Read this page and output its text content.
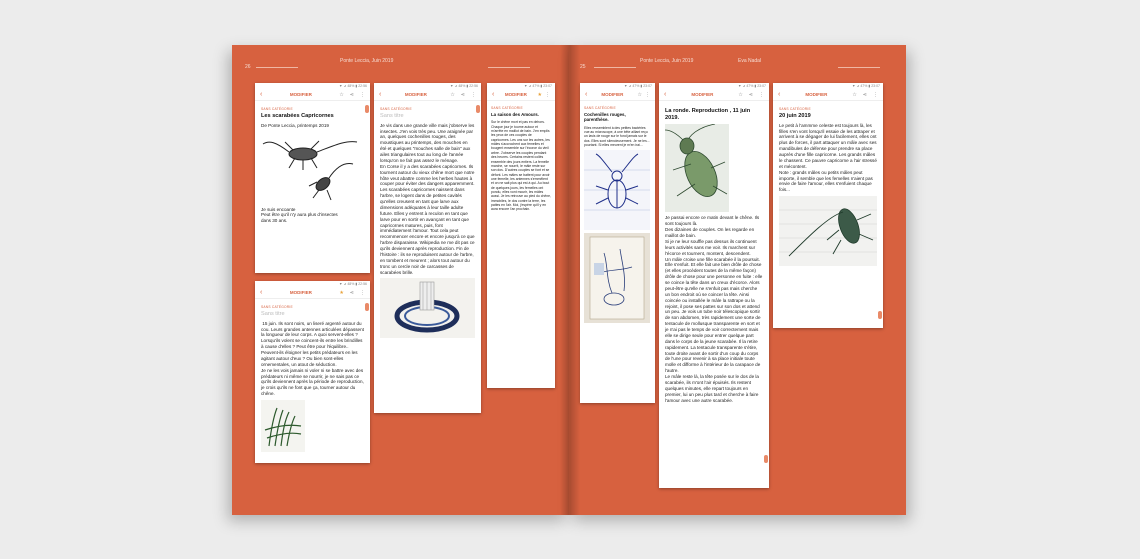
26
Ponte Leccia, Juin 2019
25
Ponte Leccia, Juin 2019	Eva Nadal
▼ ⊿ 48% ▮ 22:56
‹	MODIFIER	☆ ⋖ ⋮
SANS CATÉGORIE
Les scarabées Capricornes
De Ponte Leccia, printemps 2019
Je suis encoante
Peut être qu'il n'y aura plus d'insectes
dans 30 ans.
▼ ⊿ 48% ▮ 22:56
‹	MODIFIER	★ ⋖ ⋮
SANS CATÉGORIE
Sans titre
15 juin. Ils sont noirs, un liseré argenté autour du cou. Leurs grandes antennes articulées dépassent la longueur de leur corps. A quoi servent-elles ? Lorsqu'ils volent se coincent-ils entre les brindilles à cause d'elles ? Peut être pour l'équilibre.. Peuvent-ils éloigner les petits prédateurs en les agitant autour d'eux ? Ou bien sont-elles ornementales, un atout de séduction.
Je ne les vois jamais ni voler ni se battre avec des prédateurs ni même se nourrir, je ne sais pas ce qu'ils deviennent après la période de reproduction, je crois qu'ils ne font que ça, tourner autour du chêne.
▼ ⊿ 48% ▮ 22:56
‹	MODIFIER	☆ ⋖ ⋮
SANS CATÉGORIE
Sans titre
Je vis dans une grande ville mais j'observe les insectes. J'en vois très peu. Une araignée par an, quelques cochenilles rouges, des moustiques au printemps, des mouches en été et quelques "mouches salle de bain" aux ailes triangulaires tout au long de l'année lorsqu'on ne fait pas assez le ménage.
En Corse il y a des scarabées capricornes. Ils tournent autour du vieux chêne mort que notre hôte veut abattre comme les herbes hautes à couper pour éviter des dangers apparemment.
Les scarabées capricornes naissent dans l'arbre, se logent dans de petites cavités qu'elles creusent en tant que larve aux dimensions adéquates à leur taille adulte future. Elles y entrent à reculon en tant que larve pour en sortir en avançant en tant que capricornes matures, puis, font immédiatement l'amour. Tout cela peut recommencer encore et encore jusqu'à ce que l'arbre disparaisse. Wikipedia ne me dit pas ce qu'ils deviennent après reproduction. Fin de l'histoire : ils se reproduisent autour de l'arbre, en tombent et meurent ; alors tout autour du tronc un cercle noir de carcasses de scarabées brille.
▼ ⊿ 47% ▮ 23:07
‹ MODIFIER ★ ⋮
SANS CATÉGORIE
La saison des Amours.
Sur le chêne mort et pas en dehors. Chaque jour je tourne autour et m'arrête en maillot de bain. J'en emplis les yeux de ces couples de capricornes. Les uns sur les autres, les mâles s'accrochent aux femelles et bougent ensemble sur l'écorce du vieil arbre. J'observe les couples pendant des heures. Certains restent collés ensemble des jours entiers. La femelle marche, se nourrit, le mâle reste sur son dos. D'autres couples se font et se défont. Les mâles se battent pour avoir une femelle, les antennes s'emmêlent et on ne sait plus qui est à qui. Au bout de quelques jours, les femelles ont pondu, elles vont mourir, les mâles aussi. Je les retrouve au pied du chêne, immobiles, le dos contre la terre, les pattes en l'air. Moi, j'espère qu'il y en aura encore l'an prochain.
▼ ⊿ 47% ▮ 23:07
‹	MODIFIER	☆ ⋮
SANS CATÉGORIE
Cochenilles rouges, parenthèse.
Elles ressemblent à des petites bactéries vue au microscope, à une bête aillant reçu un lavis de rouge sur le fond jamais sur le dos. Elles sont silencieusement. Je ne les... pourtant. Si elles meurent je m'en irai...
▼ ⊿ 47% ▮ 23:07
‹	MODIFIER	☆ ⋖ ⋮
La ronde. Reproduction , 11 juin 2019.
Je passai encore ce matin devant le chêne. Ils sont toujours là.
Des dizaines de couples. On les regarde en maillot de bain.
Si je ne leur souffle pas dessus ils continuent leurs activités sans me voir. Ils marchent sur l'écorce et tournent, montent, descendent.
Un mâle croise une fille scarabée il la poursuit. Elle s'enfuit. Et elle fait une bien drôle de chose (et elles procèdent toutes de la même façon) drôle de chose pour une personne en fuite : elle se coince la tête dans un creux d'écorce. Alors peut-être qu'elle ne s'enfuit pas mais cherche un bon endroit où se coincer la tête. Ainsi coincée ou installée le mâle la rattrape ou la rejoint, il pose ses pattes sur son dos et attend un peu. Je vois un tube noir télescopique sortir de son abdomen, très rapidement une sorte de tentacule de mollusque transparente en sort et je n'ai pas le temps de voir correctement mais elle se dirige seule pour entrer quelque part dans le corps de la jeune scarabée. Il la retire rapidement. La tentacule transparente s'étire, toute droite avant de sortir d'un coup du corps de l'une pour revenir à sa place initiale toute molle et difforme à l'intérieur de la carapace de l'autre.
Le mâle reste là, la tête posée sur le dos de la scarabée, ils m'ont l'air épuisés. Ils restent quelques minutes, elle repart toujours en premier, lui un peu plus tard et cherche à faire l'amour avec une autre scarabée.
▼ ⊿ 47% ▮ 23:07
‹	MODIFIER	☆ ⋖ ⋮
SANS CATÉGORIE
20 juin 2019
Le petit à l'ammme celeste est toujours là, les filles s'en vont lorsqu'il essaie de les attraper et arrivent à se dégager de lui facilement, elles ont plus de forces, il part attaquer un mâle avec ses mandibules de défense pour prendre sa place auprès d'une fille capricorne. Les grands mâles le chassent. Ce pauvre capricorne a l'air stressé et mécontent.
Note : grands mâles ou petits mâles peut importe, il semble que les femelles n'aient pas envie de faire l'amour, elles s'enfuient chaque fois...
